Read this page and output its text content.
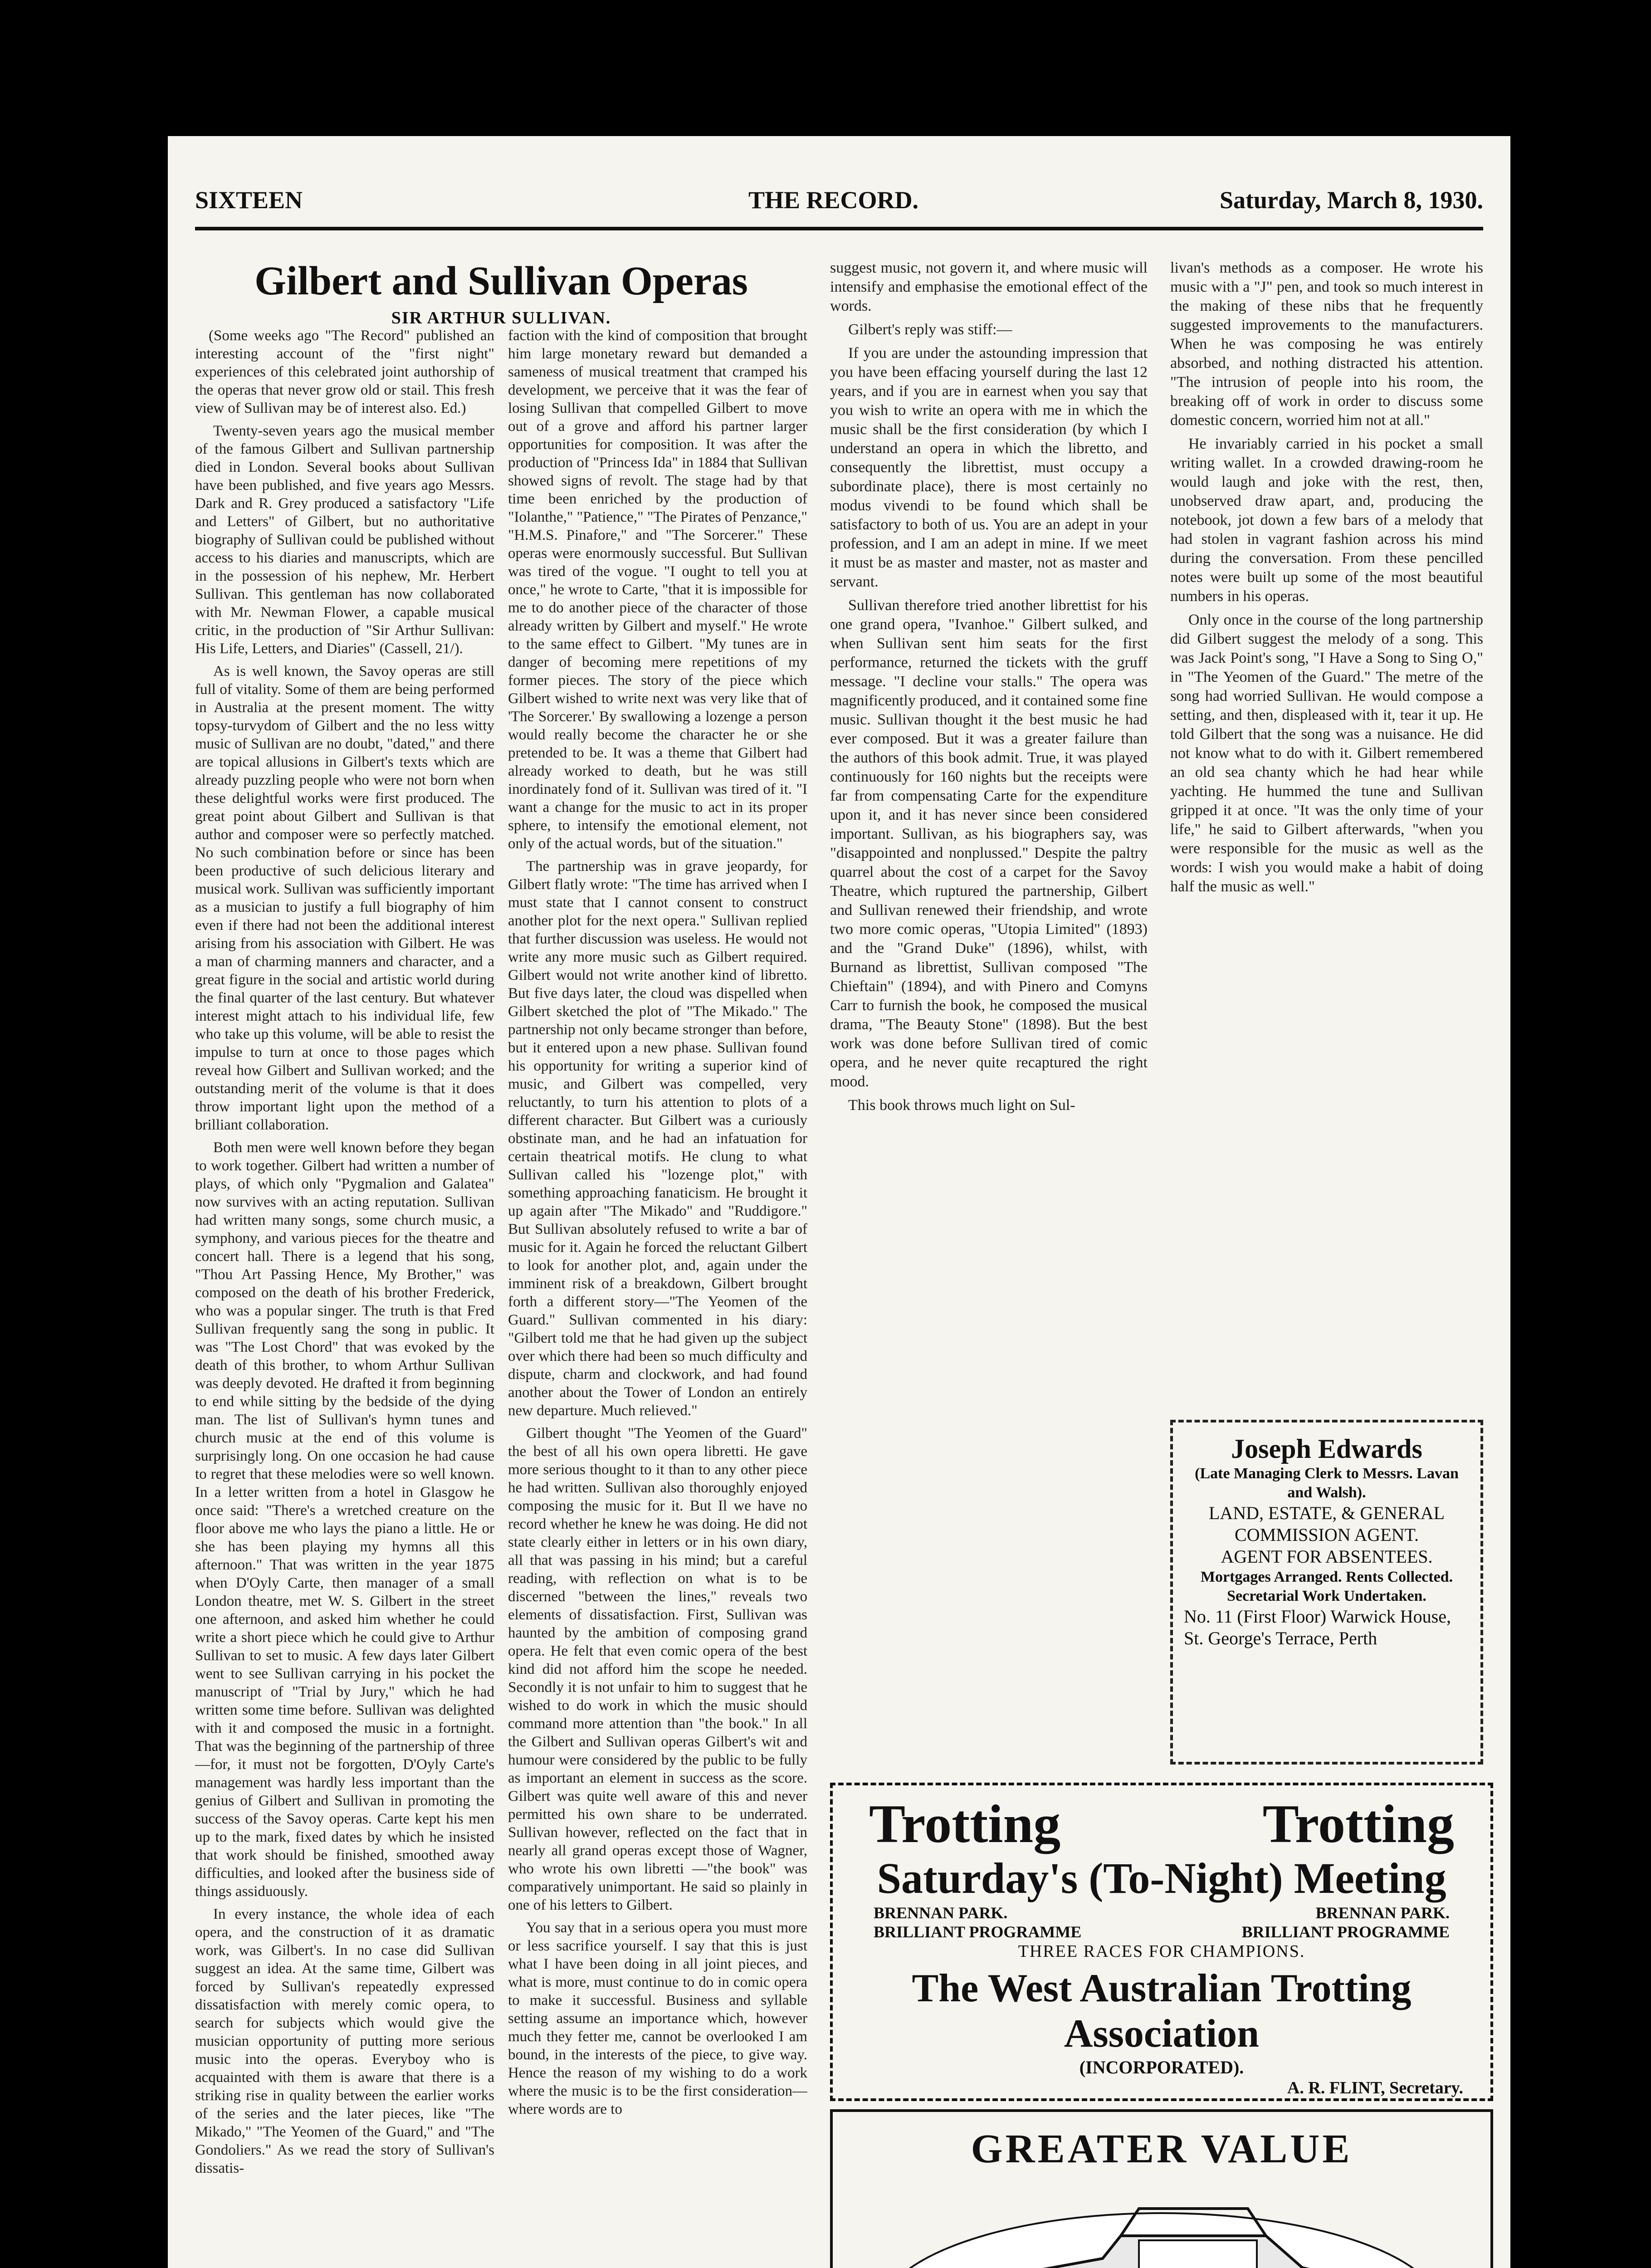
SIXTEEN	THE RECORD.	Saturday, March 8, 1930.
Gilbert and Sullivan Operas
SIR ARTHUR SULLIVAN.

(Some weeks ago "The Record" published an interesting account of the "first night" experiences of this celebrated joint authorship of the operas that never grow old or stail. This fresh view of Sullivan may be of interest also. Ed.)

Twenty-seven years ago the musical member of the famous Gilbert and Sullivan partnership died in London. Several books about Sullivan have been published, and five years ago Messrs. Dark and R. Grey produced a satisfactory "Life and Letters" of Gilbert, but no authoritative biography of Sullivan could be published without access to his diaries and manuscripts, which are in the possession of his nephew, Mr. Herbert Sullivan. This gentleman has now collaborated with Mr. Newman Flower, a capable musical critic, in the production of "Sir Arthur Sullivan: His Life, Letters, and Diaries" (Cassell, 21/).

As is well known, the Savoy operas are still full of vitality. Some of them are being performed in Australia at the present moment. The witty topsy-turvydom of Gilbert and the no less witty music of Sullivan are no doubt, "dated," and there are topical allusions in Gilbert's texts which are already puzzling people who were not born when these delightful works were first produced. The great point about Gilbert and Sullivan is that author and composer were so perfectly matched. No such combination before or since has been been productive of such delicious literary and musical work. Sullivan was sufficiently important as a musician to justify a full biography of him even if there had not been the additional interest arising from his association with Gilbert. He was a man of charming manners and character, and a great figure in the social and artistic world during the final quarter of the last century. But whatever interest might attach to his individual life, few who take up this volume, will be able to resist the impulse to turn at once to those pages which reveal how Gilbert and Sullivan worked; and the outstanding merit of the volume is that it does throw important light upon the method of a brilliant collaboration.

Both men were well known before they began to work together. Gilbert had written a number of plays, of which only "Pygmalion and Galatea" now survives with an acting reputation. Sullivan had written many songs, some church music, a symphony, and various pieces for the theatre and concert hall. There is a legend that his song, "Thou Art Passing Hence, My Brother," was composed on the death of his brother Frederick, who was a popular singer. The truth is that Fred Sullivan frequently sang the song in public. It was "The Lost Chord" that was evoked by the death of this brother, to whom Arthur Sullivan was deeply devoted. He drafted it from beginning to end while sitting by the bedside of the dying man. The list of Sullivan's hymn tunes and church music at the end of this volume is surprisingly long. On one occasion he had cause to regret that these melodies were so well known. In a letter written from a hotel in Glasgow he once said: "There's a wretched creature on the floor above me who lays the piano a little. He or she has been playing my hymns all this afternoon." That was written in the year 1875 when D'Oyly Carte, then manager of a small London theatre, met W. S. Gilbert in the street one afternoon, and asked him whether he could write a short piece which he could give to Arthur Sullivan to set to music. A few days later Gilbert went to see Sullivan carrying in his pocket the manuscript of "Trial by Jury," which he had written some time before. Sullivan was delighted with it and composed the music in a fortnight. That was the beginning of the partnership of three—for, it must not be forgotten, D'Oyly Carte's management was hardly less important than the genius of Gilbert and Sullivan in promoting the success of the Savoy operas. Carte kept his men up to the mark, fixed dates by which he insisted that work should be finished, smoothed away difficulties, and looked after the business side of things assiduously.

In every instance, the whole idea of each opera, and the construction of it as dramatic work, was Gilbert's. In no case did Sullivan suggest an idea. At the same time, Gilbert was forced by Sullivan's repeatedly expressed dissatisfaction with merely comic opera, to search for subjects which would give the musician opportunity of putting more serious music into the operas. Everyboy who is acquainted with them is aware that there is a striking rise in quality between the earlier works of the series and the later pieces, like "The Mikado," "The Yeomen of the Guard," and "The Gondoliers." As we read the story of Sullivan's dissatis-

faction with the kind of composition that brought him large monetary reward but demanded a sameness of musical treatment that cramped his development, we perceive that it was the fear of losing Sullivan that compelled Gilbert to move out of a grove and afford his partner larger opportunities for composition. It was after the production of "Princess Ida" in 1884 that Sullivan showed signs of revolt. The stage had by that time been enriched by the production of "Iolanthe," "Patience," "The Pirates of Penzance," "H.M.S. Pinafore," and "The Sorcerer." These operas were enormously successful. But Sullivan was tired of the vogue. "I ought to tell you at once," he wrote to Carte, "that it is impossible for me to do another piece of the character of those already written by Gilbert and myself." He wrote to the same effect to Gilbert. "My tunes are in danger of becoming mere repetitions of my former pieces. The story of the piece which Gilbert wished to write next was very like that of 'The Sorcerer.' By swallowing a lozenge a person would really become the character he or she pretended to be. It was a theme that Gilbert had already worked to death, but he was still inordinately fond of it. Sullivan was tired of it. "I want a change for the music to act in its proper sphere, to intensify the emotional element, not only of the actual words, but of the situation."

The partnership was in grave jeopardy, for Gilbert flatly wrote: "The time has arrived when I must state that I cannot consent to construct another plot for the next opera." Sullivan replied that further discussion was useless. He would not write any more music such as Gilbert required. Gilbert would not write another kind of libretto. But five days later, the cloud was dispelled when Gilbert sketched the plot of "The Mikado." The partnership not only became stronger than before, but it entered upon a new phase. Sullivan found his opportunity for writing a superior kind of music, and Gilbert was compelled, very reluctantly, to turn his attention to plots of a different character. But Gilbert was a curiously obstinate man, and he had an infatuation for certain theatrical motifs. He clung to what Sullivan called his "lozenge plot," with something approaching fanaticism. He brought it up again after "The Mikado" and "Ruddigore." But Sullivan absolutely refused to write a bar of music for it. Again he forced the reluctant Gilbert to look for another plot, and, again under the imminent risk of a breakdown, Gilbert brought forth a different story—"The Yeomen of the Guard." Sullivan commented in his diary: "Gilbert told me that he had given up the subject over which there had been so much difficulty and dispute, charm and clockwork, and had found another about the Tower of London an entirely new departure. Much relieved."

Gilbert thought "The Yeomen of the Guard" the best of all his own opera libretti. He gave more serious thought to it than to any other piece he had written. Sullivan also thoroughly enjoyed composing the music for it. But Il we have no record whether he knew he was doing. He did not state clearly either in letters or in his own diary, all that was passing in his mind; but a careful reading, with reflection on what is to be discerned "between the lines," reveals two elements of dissatisfaction. First, Sullivan was haunted by the ambition of composing grand opera. He felt that even comic opera of the best kind did not afford him the scope he needed. Secondly it is not unfair to him to suggest that he wished to do work in which the music should command more attention than "the book." In all the Gilbert and Sullivan operas Gilbert's wit and humour were considered by the public to be fully as important an element in success as the score. Gilbert was quite well aware of this and never permitted his own share to be underrated. Sullivan however, reflected on the fact that in nearly all grand operas except those of Wagner, who wrote his own libretti —"the book" was comparatively unimportant. He said so plainly in one of his letters to Gilbert.

You say that in a serious opera you must more or less sacrifice yourself. I say that this is just what I have been doing in all joint pieces, and what is more, must continue to do in comic opera to make it successful. Business and syllable setting assume an importance which, however much they fetter me, cannot be overlooked I am bound, in the interests of the piece, to give way. Hence the reason of my wishing to do a work where the music is to be the first consideration—where words are to

suggest music, not govern it, and where music will intensify and emphasise the emotional effect of the words.

Gilbert's reply was stiff:—

If you are under the astounding impression that you have been effacing yourself during the last 12 years, and if you are in earnest when you say that you wish to write an opera with me in which the music shall be the first consideration (by which I understand an opera in which the libretto, and consequently the librettist, must occupy a subordinate place), there is most certainly no modus vivendi to be found which shall be satisfactory to both of us. You are an adept in your profession, and I am an adept in mine. If we meet it must be as master and master, not as master and servant.

Sullivan therefore tried another librettist for his one grand opera, "Ivanhoe." Gilbert sulked, and when Sullivan sent him seats for the first performance, returned the tickets with the gruff message. "I decline vour stalls." The opera was magnificently produced, and it contained some fine music. Sullivan thought it the best music he had ever composed. But it was a greater failure than the authors of this book admit. True, it was played continuously for 160 nights but the receipts were far from compensating Carte for the expenditure upon it, and it has never since been considered important. Sullivan, as his biographers say, was "disappointed and nonplussed." Despite the paltry quarrel about the cost of a carpet for the Savoy Theatre, which ruptured the partnership, Gilbert and Sullivan renewed their friendship, and wrote two more comic operas, "Utopia Limited" (1893) and the "Grand Duke" (1896), whilst, with Burnand as librettist, Sullivan composed "The Chieftain" (1894), and with Pinero and Comyns Carr to furnish the book, he composed the musical drama, "The Beauty Stone" (1898). But the best work was done before Sullivan tired of comic opera, and he never quite recaptured the right mood.

This book throws much light on Sul-

livan's methods as a composer. He wrote his music with a "J" pen, and took so much interest in the making of these nibs that he frequently suggested improvements to the manufacturers. When he was composing he was entirely absorbed, and nothing distracted his attention. "The intrusion of people into his room, the breaking off of work in order to discuss some domestic concern, worried him not at all."

He invariably carried in his pocket a small writing wallet. In a crowded drawing-room he would laugh and joke with the rest, then, unobserved draw apart, and, producing the notebook, jot down a few bars of a melody that had stolen in vagrant fashion across his mind during the conversation. From these pencilled notes were built up some of the most beautiful numbers in his operas.

Only once in the course of the long partnership did Gilbert suggest the melody of a song. This was Jack Point's song, "I Have a Song to Sing O," in "The Yeomen of the Guard." The metre of the song had worried Sullivan. He would compose a setting, and then, displeased with it, tear it up. He told Gilbert that the song was a nuisance. He did not know what to do with it. Gilbert remembered an old sea chanty which he had hear while yachting. He hummed the tune and Sullivan gripped it at once. "It was the only time of your life," he said to Gilbert afterwards, "when you were responsible for the music as well as the words: I wish you would make a habit of doing half the music as well."

Joseph Edwards
(Late Managing Clerk to Messrs. Lavan and Walsh).
LAND, ESTATE, & GENERAL COMMISSION AGENT.
AGENT FOR ABSENTEES.
Mortgages Arranged. Rents Collected. Secretarial Work Undertaken.
No. 11 (First Floor) Warwick House, St. George's Terrace, Perth
Trotting	Trotting
Saturday's (To-Night) Meeting
BRENNAN PARK.	BRENNAN PARK.
BRILLIANT PROGRAMME	BRILLIANT PROGRAMME
THREE RACES FOR CHAMPIONS.
The West Australian Trotting Association
(INCORPORATED).
A. R. FLINT, Secretary.
GREATER VALUE
